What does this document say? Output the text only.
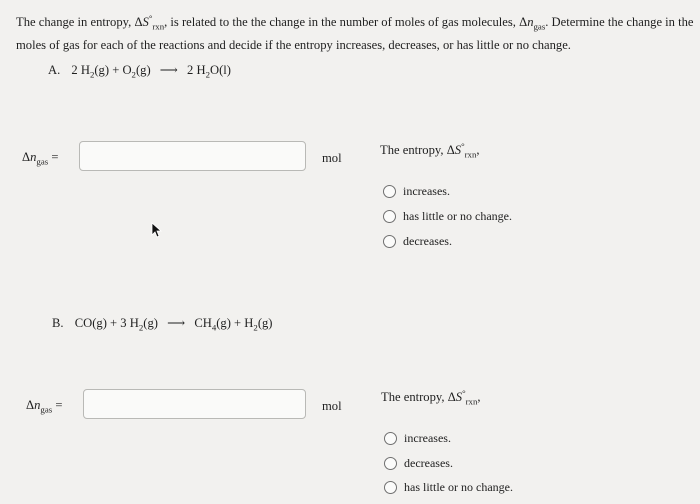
The change in entropy, $\Delta S^\circ_{rxn}$, is related to the the change in the number of moles of gas molecules, $\Delta n_{gas}$. Determine the change in the moles of gas for each of the reactions and decide if the entropy increases, decreases, or has little or no change.

A. 2 $H_2(g) + O_2(g)$ ⟶ 2 $H_2O(l)$
$\Delta n_{gas}$ =	mol
The entropy, $\Delta S^\circ_{rxn}$,
increases.
has little or no change.
decreases.
B. CO(g) + 3 $H_2(g)$ ⟶ $CH_4(g) + H_2(g)$
$\Delta n_{gas}$ =	mol
The entropy, $\Delta S^\circ_{rxn}$,
increases.
decreases.
has little or no change.
